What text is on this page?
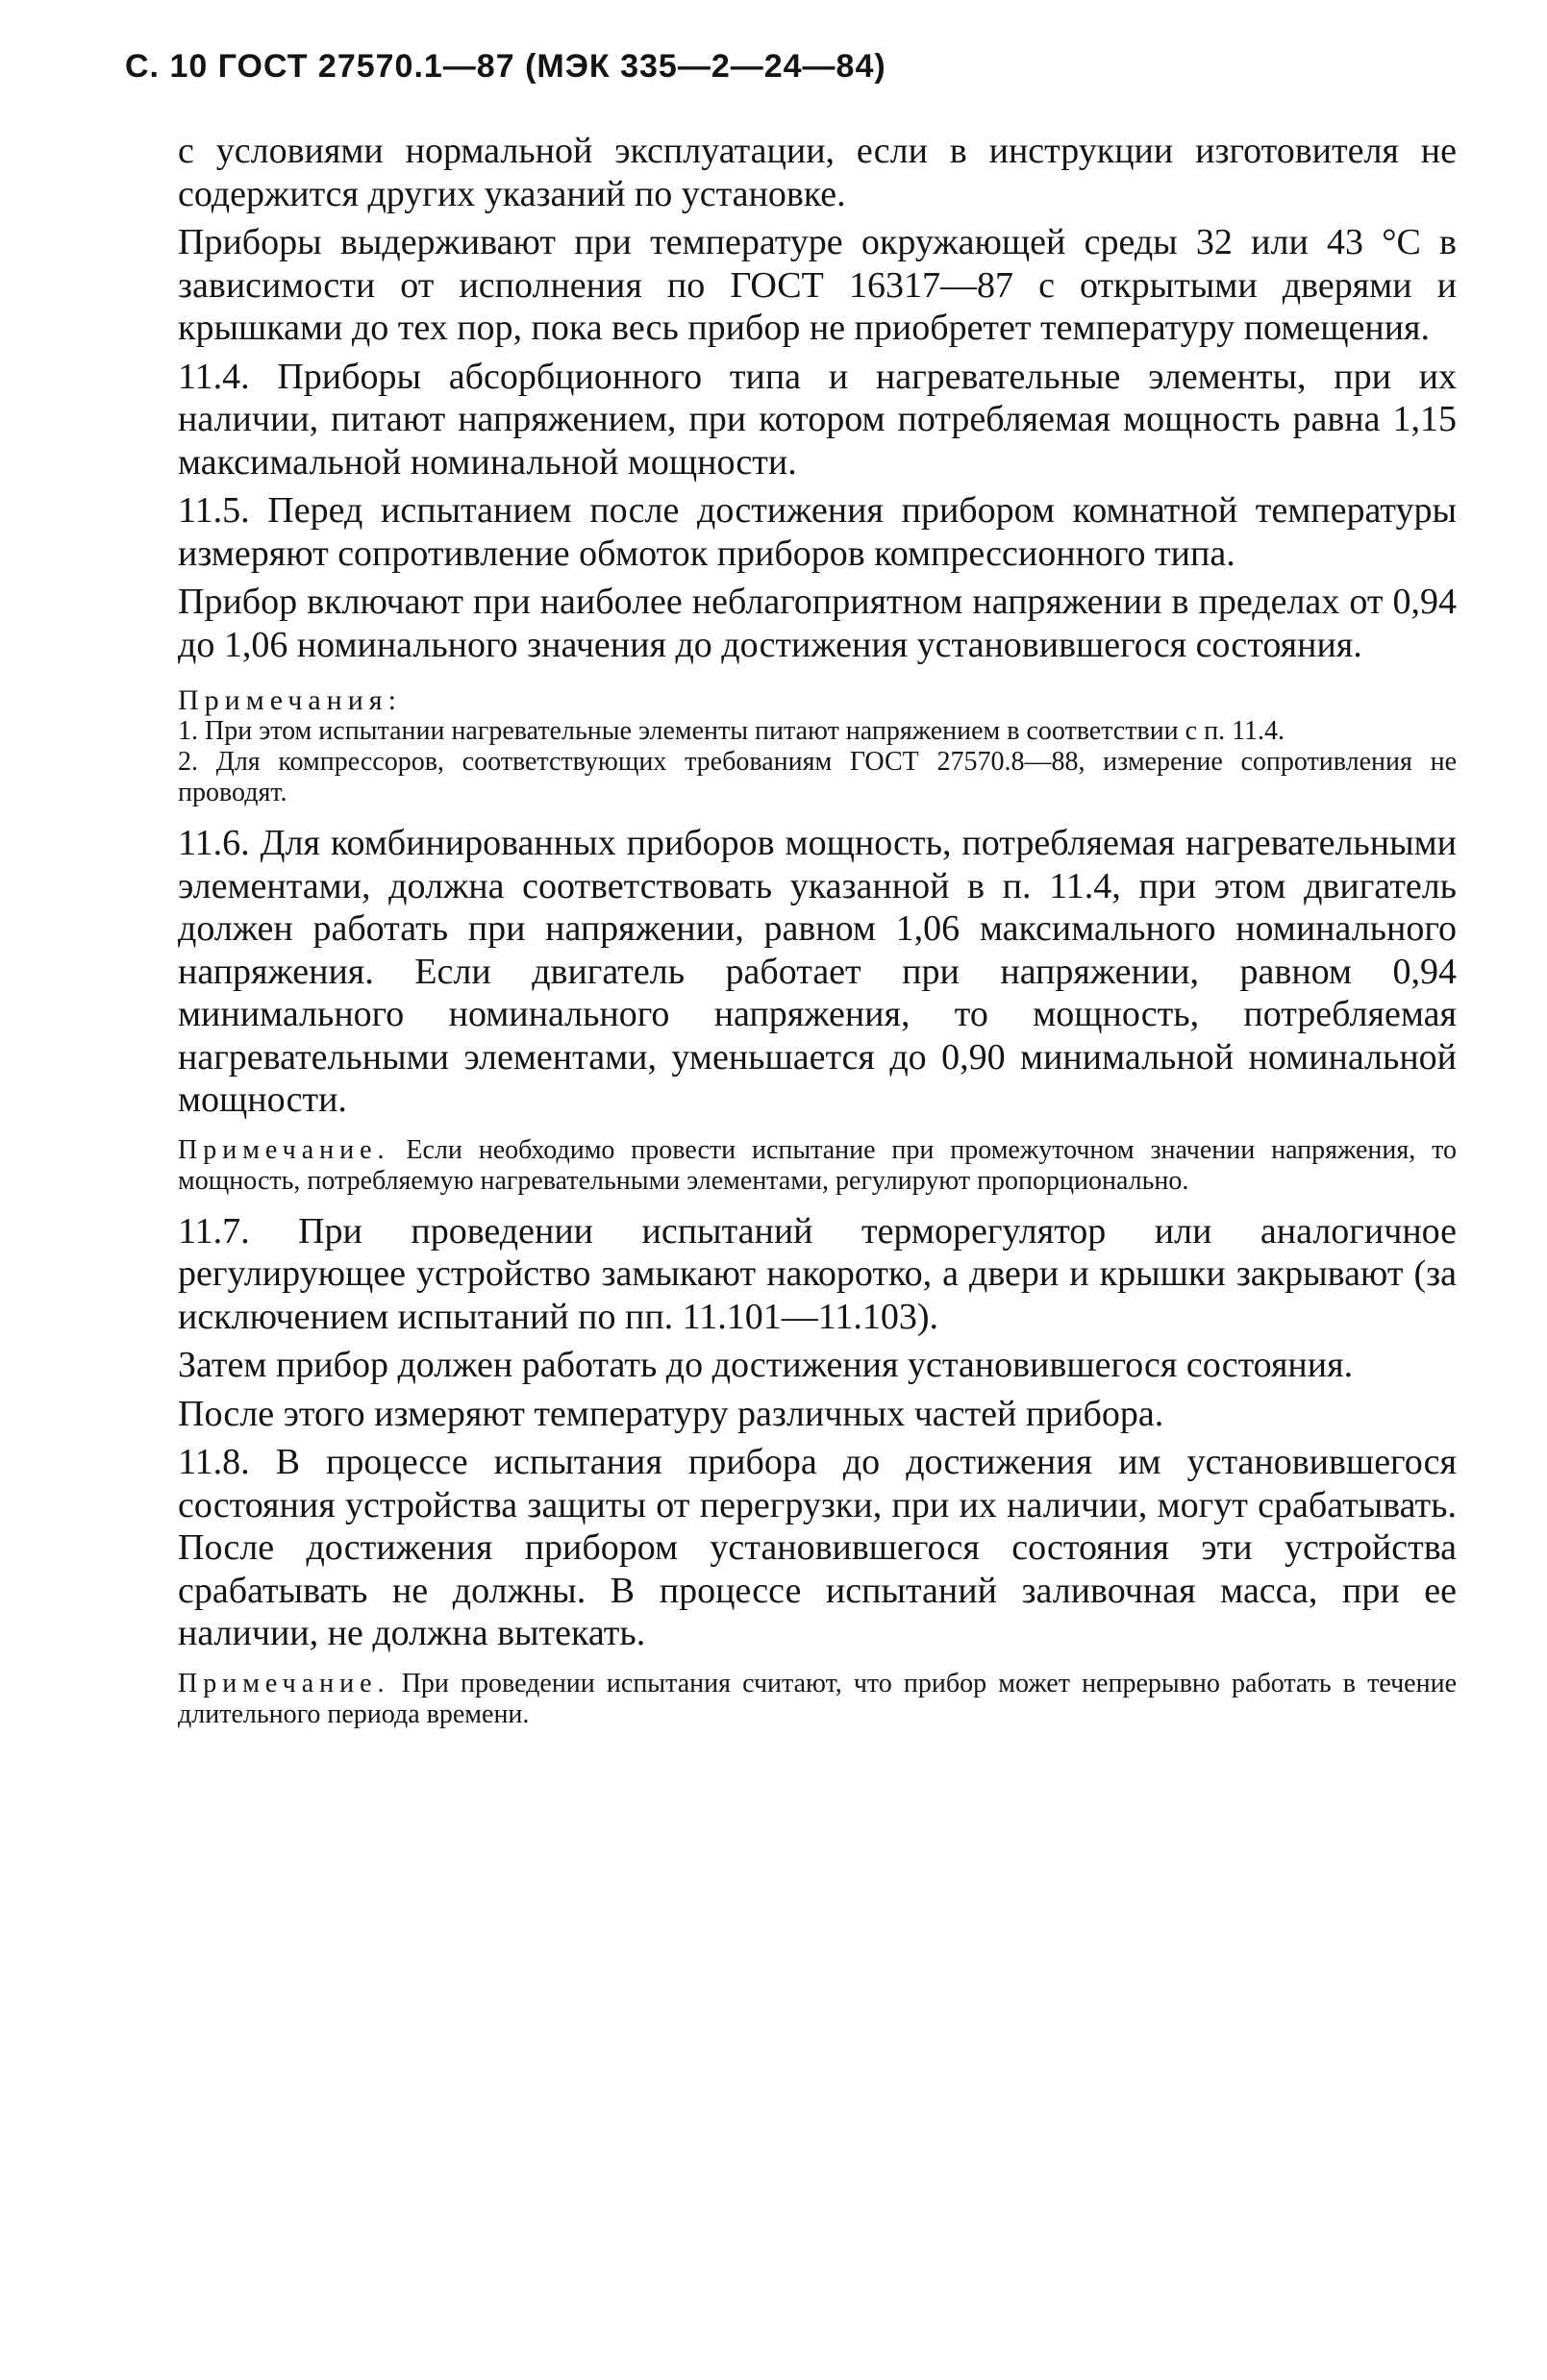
С. 10 ГОСТ 27570.1—87 (МЭК 335—2—24—84)

с условиями нормальной эксплуатации, если в инструкции изготовителя не содержится других указаний по установке.

Приборы выдерживают при температуре окружающей среды 32 или 43 °С в зависимости от исполнения по ГОСТ 16317—87 с открытыми дверями и крышками до тех пор, пока весь прибор не приобретет температуру помещения.

11.4. Приборы абсорбционного типа и нагревательные элементы, при их наличии, питают напряжением, при котором потребляемая мощность равна 1,15 максимальной номинальной мощности.

11.5. Перед испытанием после достижения прибором комнатной температуры измеряют сопротивление обмоток приборов компрессионного типа.

Прибор включают при наиболее неблагоприятном напряжении в пределах от 0,94 до 1,06 номинального значения до достижения установившегося состояния.

Примечания:

1. При этом испытании нагревательные элементы питают напряжением в соответствии с п. 11.4.

2. Для компрессоров, соответствующих требованиям ГОСТ 27570.8—88, измерение сопротивления не проводят.

11.6. Для комбинированных приборов мощность, потребляемая нагревательными элементами, должна соответствовать указанной в п. 11.4, при этом двигатель должен работать при напряжении, равном 1,06 максимального номинального напряжения. Если двигатель работает при напряжении, равном 0,94 минимального номинального напряжения, то мощность, потребляемая нагревательными элементами, уменьшается до 0,90 минимальной номинальной мощности.

Примечание. Если необходимо провести испытание при промежуточном значении напряжения, то мощность, потребляемую нагревательными элементами, регулируют пропорционально.

11.7. При проведении испытаний терморегулятор или аналогичное регулирующее устройство замыкают накоротко, а двери и крышки закрывают (за исключением испытаний по пп. 11.101—11.103).

Затем прибор должен работать до достижения установившегося состояния.

После этого измеряют температуру различных частей прибора.

11.8. В процессе испытания прибора до достижения им установившегося состояния устройства защиты от перегрузки, при их наличии, могут срабатывать. После достижения прибором установившегося состояния эти устройства срабатывать не должны. В процессе испытаний заливочная масса, при ее наличии, не должна вытекать.

Примечание. При проведении испытания считают, что прибор может непрерывно работать в течение длительного периода времени.
